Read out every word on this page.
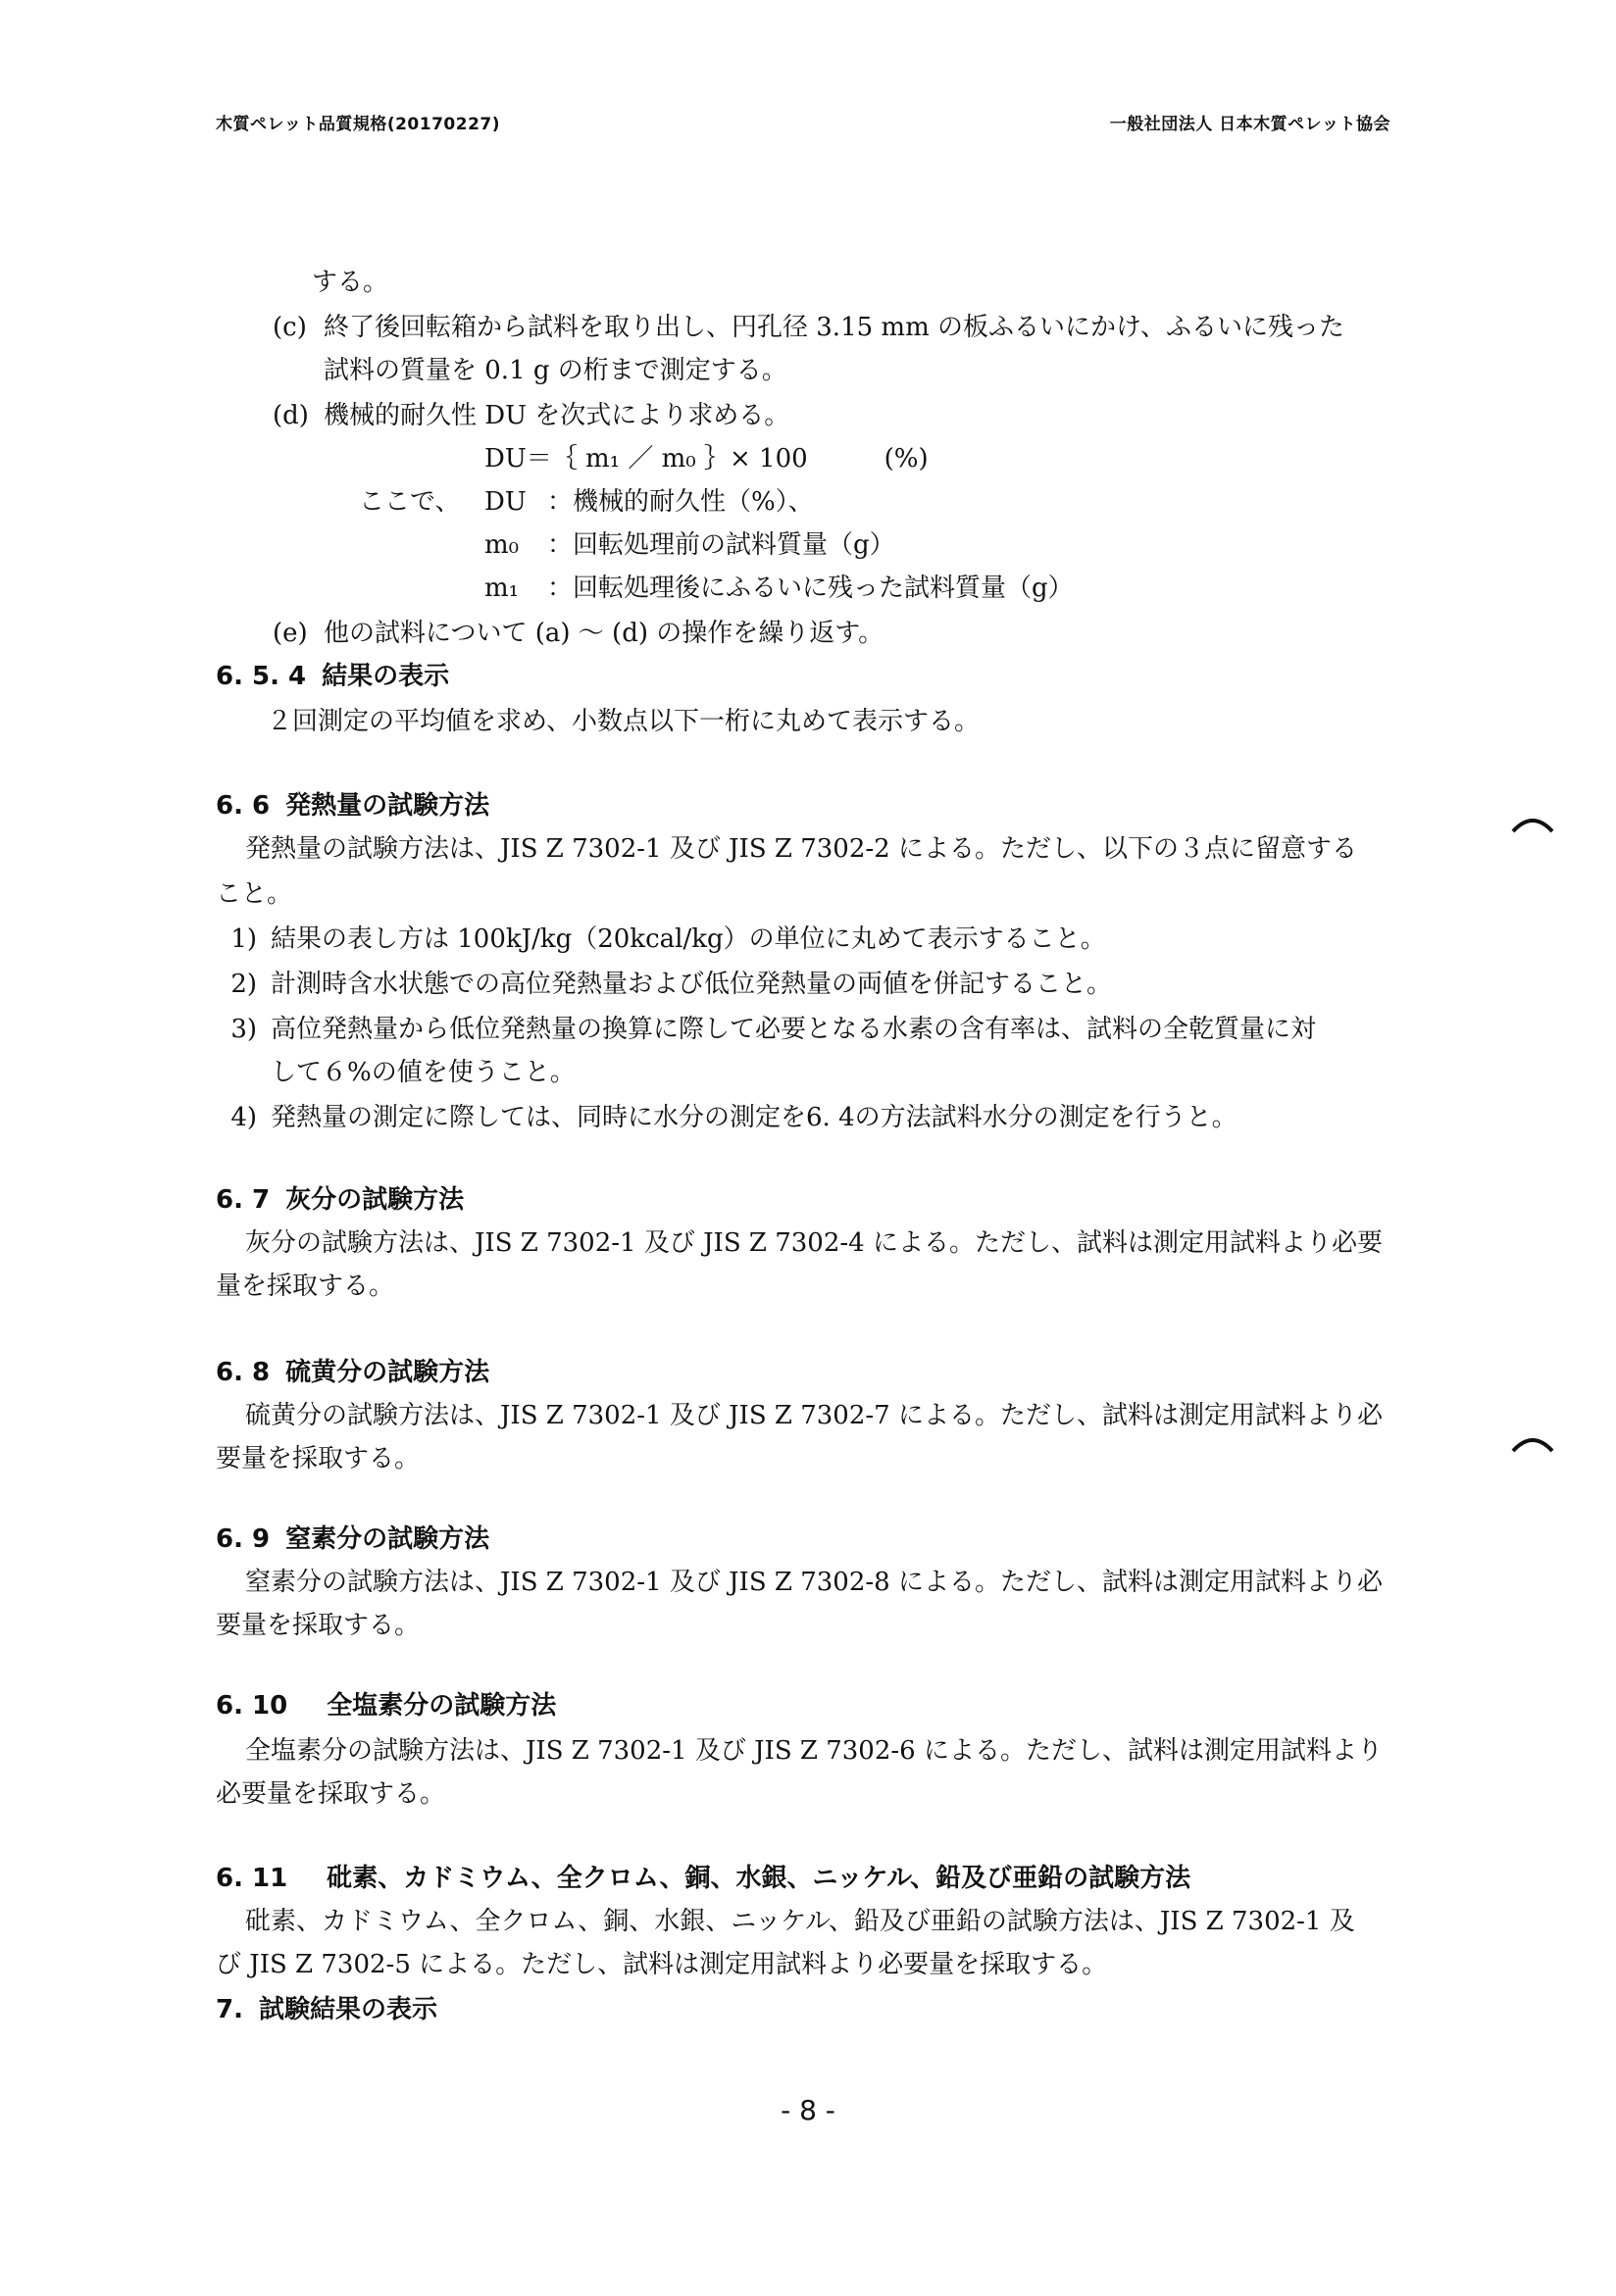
木質ペレット品質規格(20170227)	一般社団法人 日本木質ペレット協会
する。
(c) 終了後回転箱から試料を取り出し、円孔径 3.15 mm の板ふるいにかけ、ふるいに残った
試料の質量を 0.1 g の桁まで測定する。
(d) 機械的耐久性 DU を次式により求める。
DU＝｛ m₁ ／ m₀ ｝× 100　　　(%)
ここで、 DU ：機械的耐久性（%）、
m₀ ：回転処理前の試料質量（g）
m₁ ：回転処理後にふるいに残った試料質量（g）
(e) 他の試料について (a) ～ (d) の操作を繰り返す。
6. 5. 4 結果の表示
２回測定の平均値を求め、小数点以下一桁に丸めて表示する。
6. 6 発熱量の試験方法
発熱量の試験方法は、JIS Z 7302-1 及び JIS Z 7302-2 による。ただし、以下の３点に留意する
こと。
1) 結果の表し方は 100kJ/kg（20kcal/kg）の単位に丸めて表示すること。
2) 計測時含水状態での高位発熱量および低位発熱量の両値を併記すること。
3) 高位発熱量から低位発熱量の換算に際して必要となる水素の含有率は、試料の全乾質量に対
して６%の値を使うこと。
4) 発熱量の測定に際しては、同時に水分の測定を6. 4の方法試料水分の測定を行うと。
6. 7 灰分の試験方法
灰分の試験方法は、JIS Z 7302-1 及び JIS Z 7302-4 による。ただし、試料は測定用試料より必要
量を採取する。
6. 8 硫黄分の試験方法
硫黄分の試験方法は、JIS Z 7302-1 及び JIS Z 7302-7 による。ただし、試料は測定用試料より必
要量を採取する。
6. 9 窒素分の試験方法
窒素分の試験方法は、JIS Z 7302-1 及び JIS Z 7302-8 による。ただし、試料は測定用試料より必
要量を採取する。
6. 10 全塩素分の試験方法
全塩素分の試験方法は、JIS Z 7302-1 及び JIS Z 7302-6 による。ただし、試料は測定用試料より
必要量を採取する。
6. 11 砒素、カドミウム、全クロム、銅、水銀、ニッケル、鉛及び亜鉛の試験方法
砒素、カドミウム、全クロム、銅、水銀、ニッケル、鉛及び亜鉛の試験方法は、JIS Z 7302-1 及
び JIS Z 7302-5 による。ただし、試料は測定用試料より必要量を採取する。
7. 試験結果の表示
- 8 -
